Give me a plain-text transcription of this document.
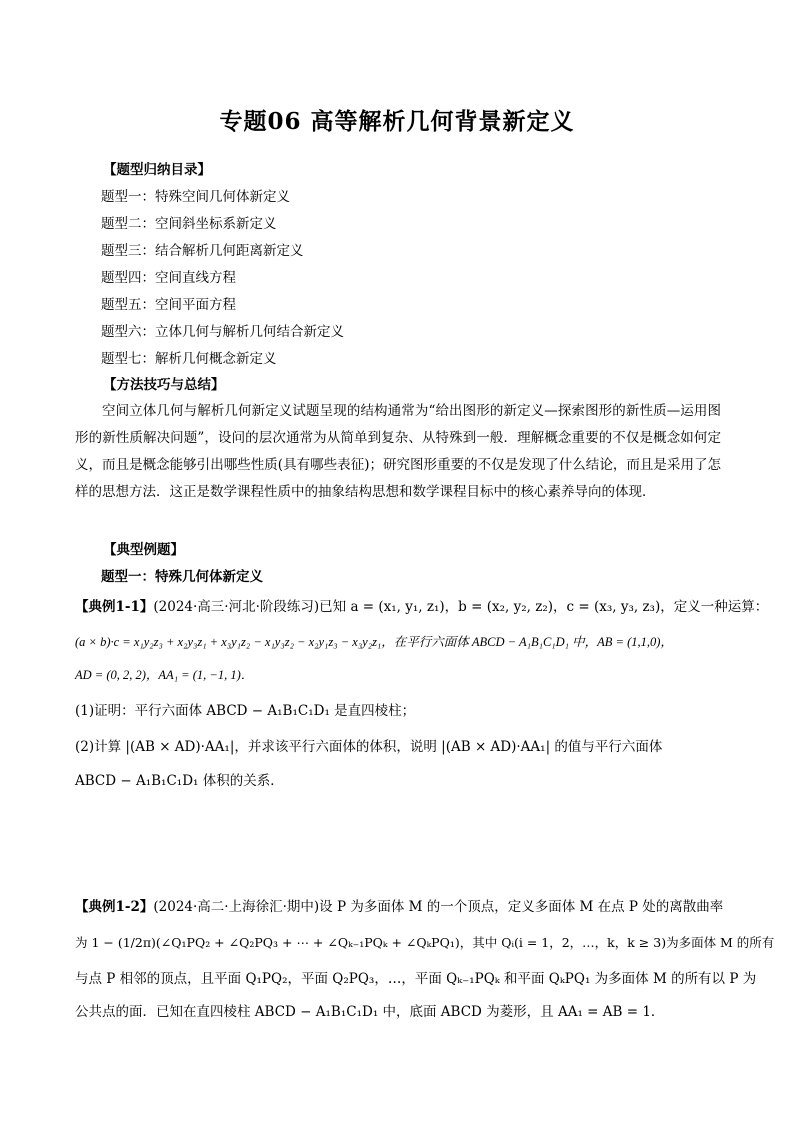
专题06 高等解析几何背景新定义
【题型归纳目录】
题型一：特殊空间几何体新定义
题型二：空间斜坐标系新定义
题型三：结合解析几何距离新定义
题型四：空间直线方程
题型五：空间平面方程
题型六：立体几何与解析几何结合新定义
题型七：解析几何概念新定义
【方法技巧与总结】
空间立体几何与解析几何新定义试题呈现的结构通常为“给出图形的新定义—探索图形的新性质—运用图形的新性质解决问题”，设问的层次通常为从简单到复杂、从特殊到一般．理解概念重要的不仅是概念如何定义，而且是概念能够引出哪些性质(具有哪些表征)；研究图形重要的不仅是发现了什么结论，而且是采用了怎样的思想方法．这正是数学课程性质中的抽象结构思想和数学课程目标中的核心素养导向的体现．
【典型例题】
题型一：特殊几何体新定义
【典例1-1】(2024·高三·河北·阶段练习)已知 a = (x₁, y₁, z₁)，b = (x₂, y₂, z₂)，c = (x₃, y₃, z₃)，定义一种运算：
(a × b)·c = x₁y₂z₃ + x₂y₃z₁ + x₃y₁z₂ − x₁y₃z₂ − x₂y₁z₃ − x₃y₂z₁，在平行六面体 ABCD − A₁B₁C₁D₁ 中，AB = (1,1,0)，
AD = (0, 2, 2)，AA₁ = (1, −1, 1)．
(1)证明：平行六面体 ABCD − A₁B₁C₁D₁ 是直四棱柱；
(2)计算 |(AB × AD)·AA₁|，并求该平行六面体的体积，说明 |(AB × AD)·AA₁| 的值与平行六面体
ABCD − A₁B₁C₁D₁ 体积的关系．
【典例1-2】(2024·高二·上海徐汇·期中)设 P 为多面体 M 的一个顶点，定义多面体 M 在点 P 处的离散曲率
为 1 − (1/2π)(∠Q₁PQ₂ + ∠Q₂PQ₃ + ⋯ + ∠Qₖ₋₁PQₖ + ∠QₖPQ₁)，其中 Qᵢ(i = 1，2，…，k，k ≥ 3)为多面体 M 的所有
与点 P 相邻的顶点，且平面 Q₁PQ₂，平面 Q₂PQ₃，…，平面 Qₖ₋₁PQₖ 和平面 QₖPQ₁ 为多面体 M 的所有以 P 为
公共点的面．已知在直四棱柱 ABCD − A₁B₁C₁D₁ 中，底面 ABCD 为菱形，且 AA₁ = AB = 1．
